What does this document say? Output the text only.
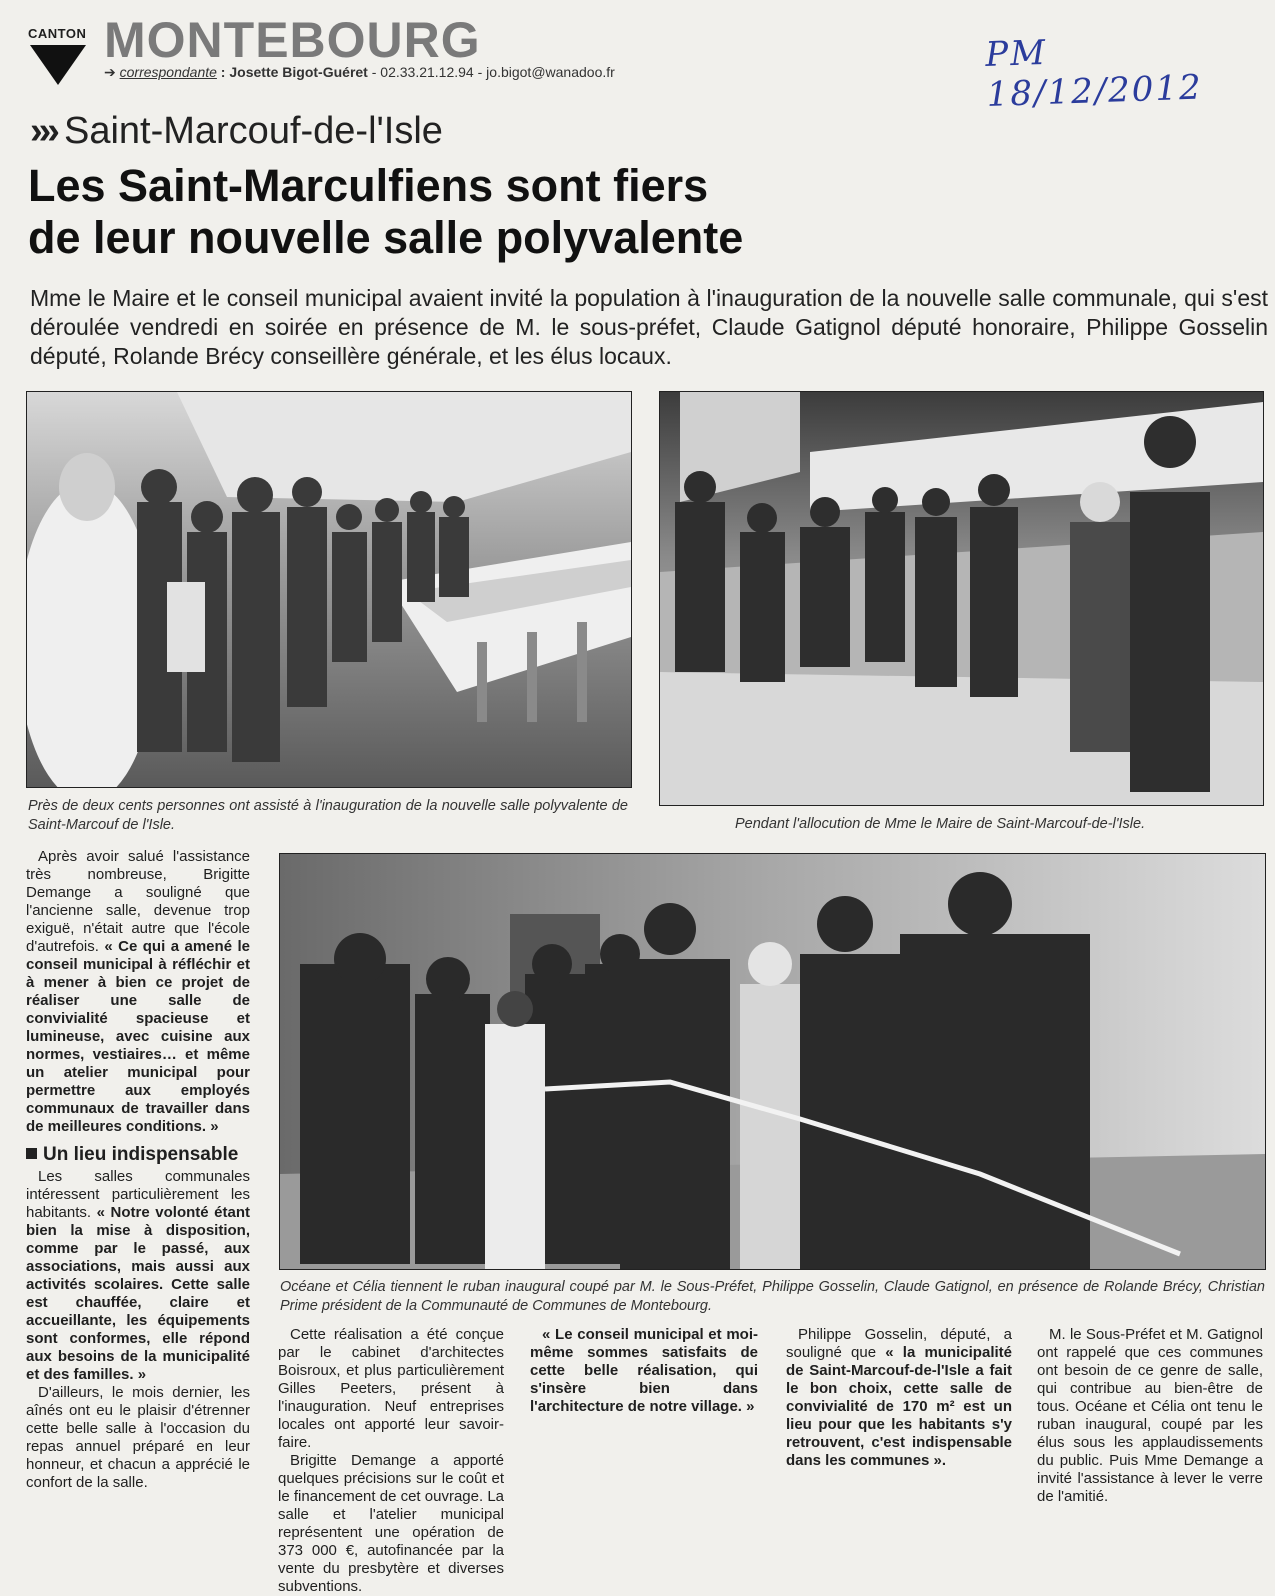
CANTON MONTEBOURG
➔ correspondante : Josette Bigot-Guéret - 02.33.21.12.94 - jo.bigot@wanadoo.fr	PM 18/12/2012
››› Saint-Marcouf-de-l'Isle
Les Saint-Marculfiens sont fiers
de leur nouvelle salle polyvalente
Mme le Maire et le conseil municipal avaient invité la population à l'inauguration de la nouvelle salle communale, qui s'est déroulée vendredi en soirée en présence de M. le sous-préfet, Claude Gatignol député honoraire, Philippe Gosselin député, Rolande Brécy conseillère générale, et les élus locaux.
Près de deux cents personnes ont assisté à l'inauguration de la nouvelle salle polyvalente de Saint-Marcouf de l'Isle.	Pendant l'allocution de Mme le Maire de Saint-Marcouf-de-l'Isle.

Après avoir salué l'assistance très nombreuse, Brigitte Demange a souligné que l'ancienne salle, devenue trop exiguë, n'était autre que l'école d'autrefois. « Ce qui a amené le conseil municipal à réfléchir et à mener à bien ce projet de réaliser une salle de convivialité spacieuse et lumineuse, avec cuisine aux normes, vestiaires… et même un atelier municipal pour permettre aux employés communaux de travailler dans de meilleures conditions. »

Un lieu indispensable

Les salles communales intéressent particulièrement les habitants. « Notre volonté étant bien la mise à disposition, comme par le passé, aux associations, mais aussi aux activités scolaires. Cette salle est chauffée, claire et accueillante, les équipements sont conformes, elle répond aux besoins de la municipalité et des familles. »

D'ailleurs, le mois dernier, les aînés ont eu le plaisir d'étrenner cette belle salle à l'occasion du repas annuel préparé en leur honneur, et chacun a apprécié le confort de la salle.

Océane et Célia tiennent le ruban inaugural coupé par M. le Sous-Préfet, Philippe Gosselin, Claude Gatignol, en présence de Rolande Brécy, Christian Prime président de la Communauté de Communes de Montebourg.

Cette réalisation a été conçue par le cabinet d'architectes Boisroux, et plus particulièrement Gilles Peeters, présent à l'inauguration. Neuf entreprises locales ont apporté leur savoir-faire.

Brigitte Demange a apporté quelques précisions sur le coût et le financement de cet ouvrage. La salle et l'atelier municipal représentent une opération de 373 000 €, autofinancée par la vente du presbytère et diverses subventions.

« Le conseil municipal et moi-même sommes satisfaits de cette belle réalisation, qui s'insère bien dans l'architecture de notre village. »

Philippe Gosselin, député, a souligné que « la municipalité de Saint-Marcouf-de-l'Isle a fait le bon choix, cette salle de convivialité de 170 m² est un lieu pour que les habitants s'y retrouvent, c'est indispensable dans les communes ».

M. le Sous-Préfet et M. Gatignol ont rappelé que ces communes ont besoin de ce genre de salle, qui contribue au bien-être de tous. Océane et Célia ont tenu le ruban inaugural, coupé par les élus sous les applaudissements du public. Puis Mme Demange a invité l'assistance à lever le verre de l'amitié.
